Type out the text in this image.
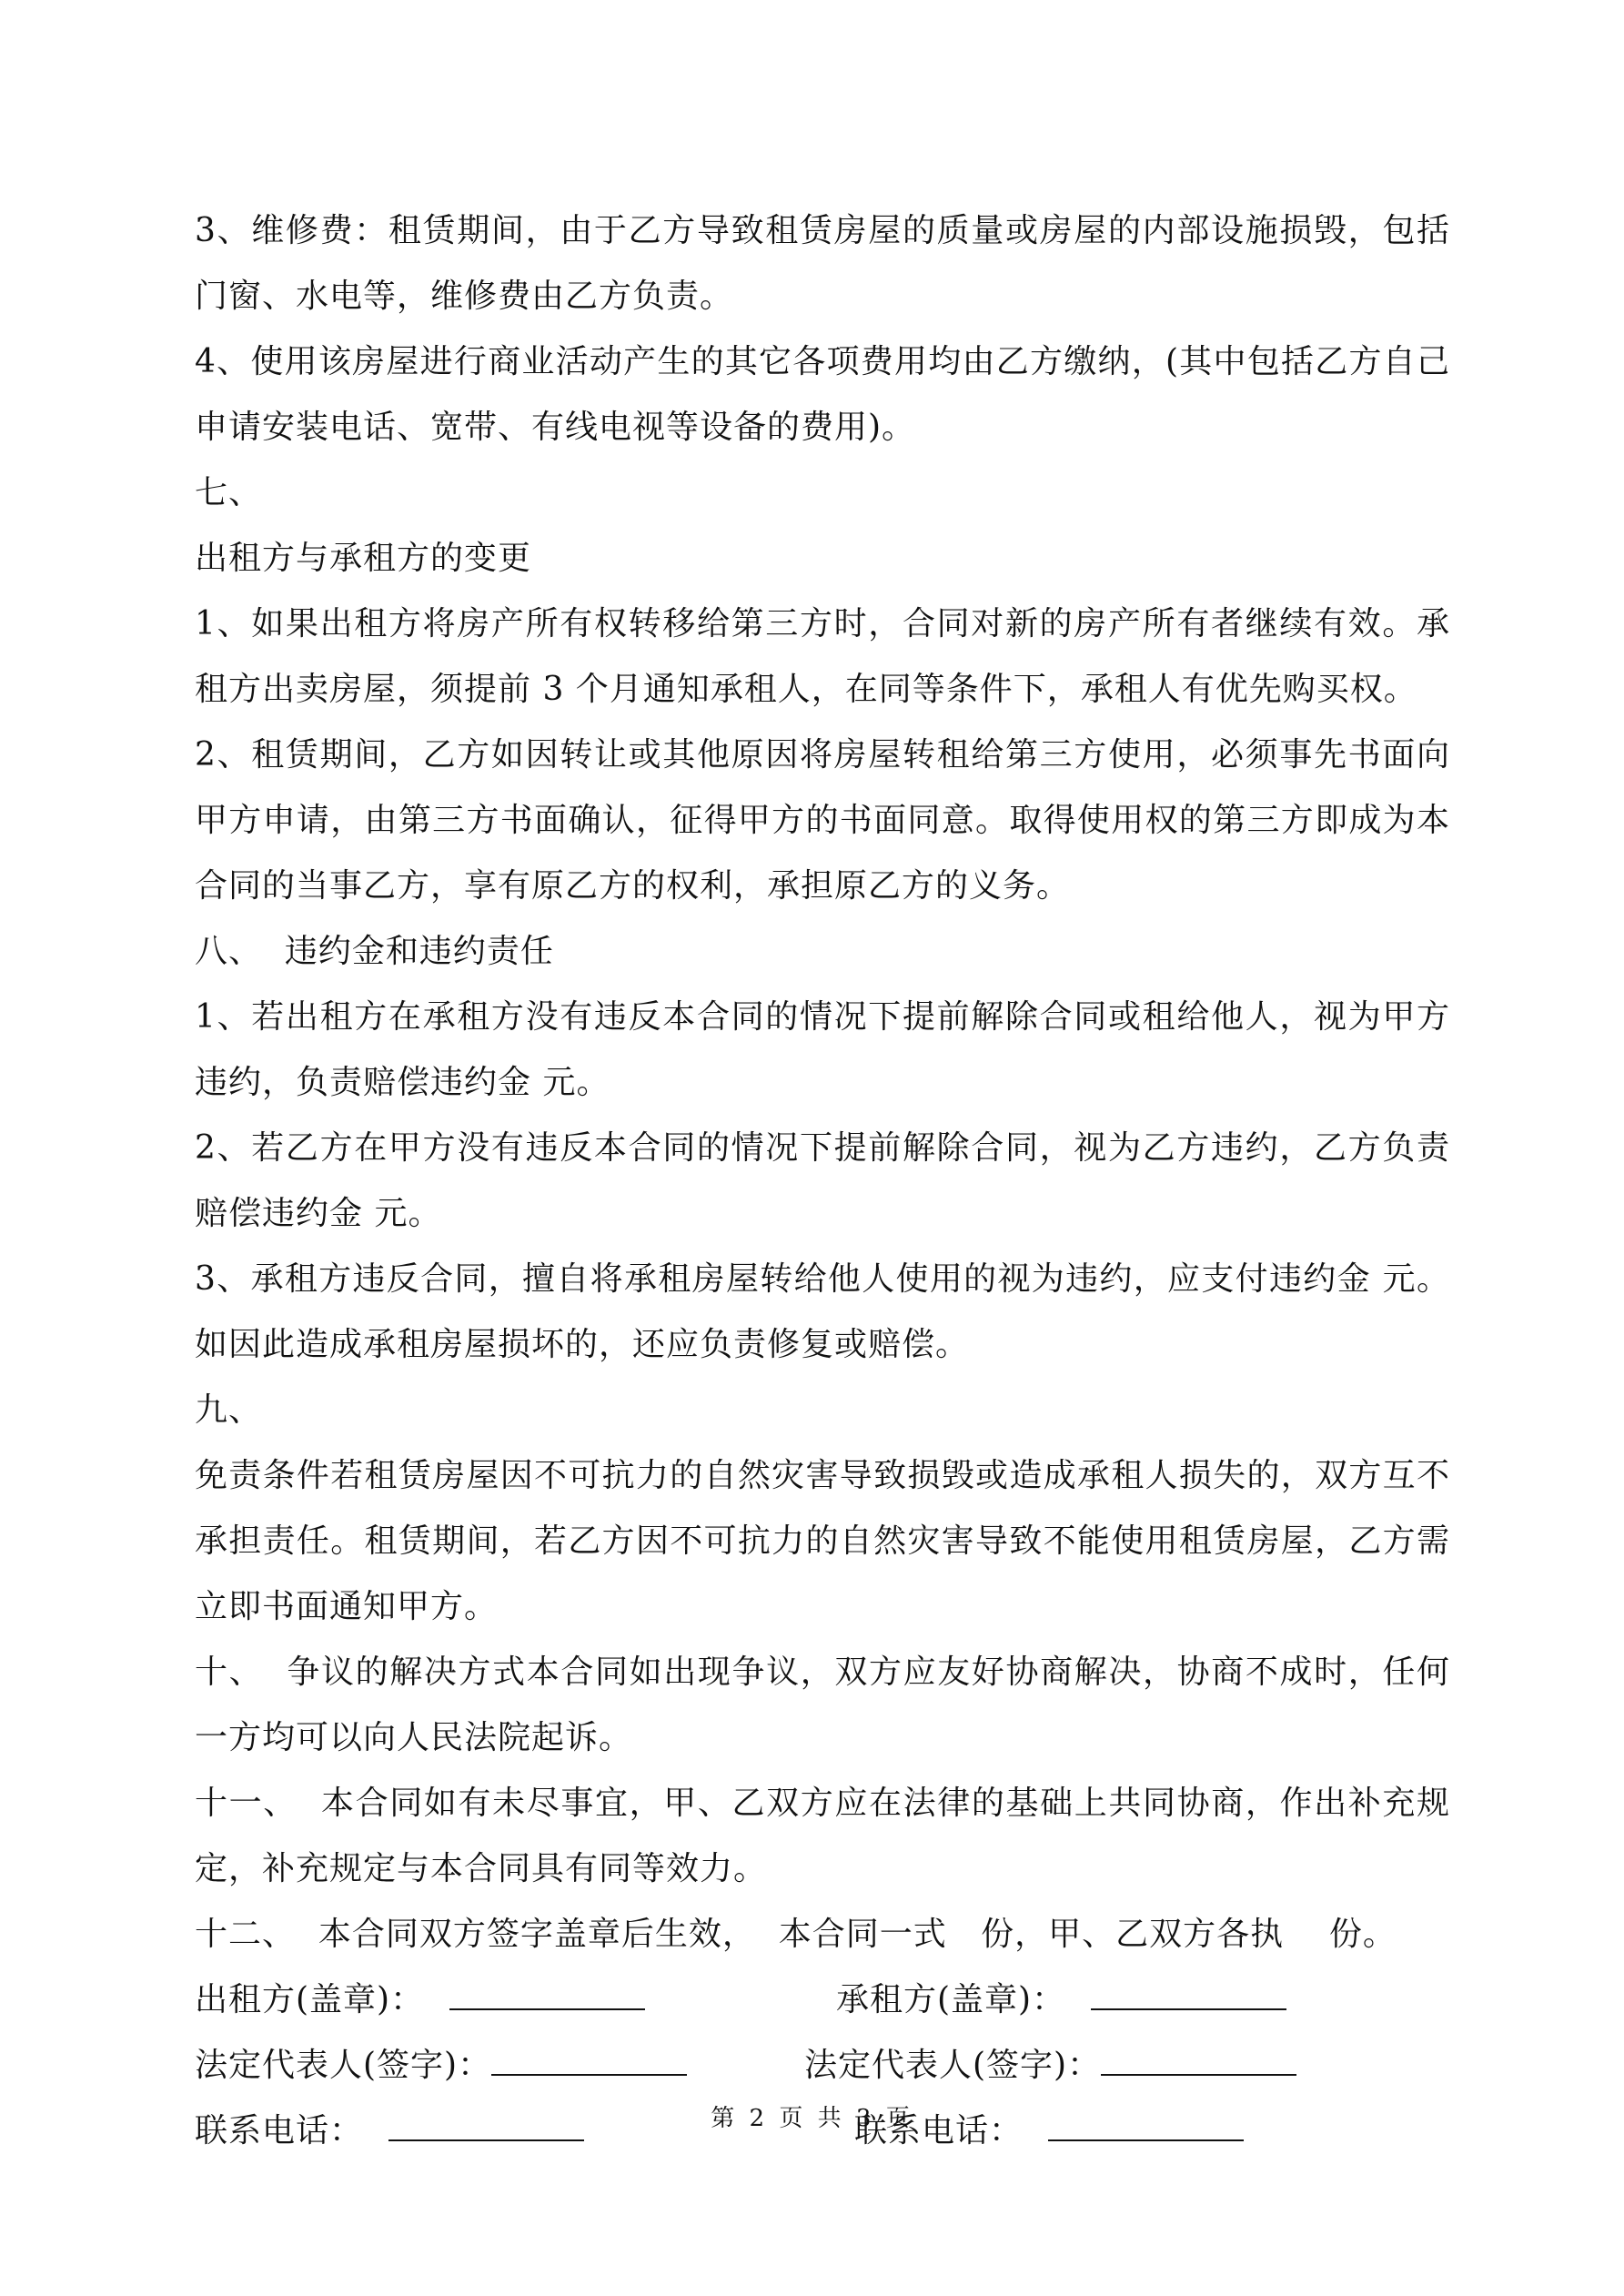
3、维修费：租赁期间，由于乙方导致租赁房屋的质量或房屋的内部设施损毁，包括门窗、水电等，维修费由乙方负责。

4、使用该房屋进行商业活动产生的其它各项费用均由乙方缴纳，(其中包括乙方自己申请安装电话、宽带、有线电视等设备的费用)。

七、

出租方与承租方的变更

1、如果出租方将房产所有权转移给第三方时，合同对新的房产所有者继续有效。承租方出卖房屋，须提前 3 个月通知承租人，在同等条件下，承租人有优先购买权。

2、租赁期间，乙方如因转让或其他原因将房屋转租给第三方使用，必须事先书面向甲方申请，由第三方书面确认，征得甲方的书面同意。取得使用权的第三方即成为本合同的当事乙方，享有原乙方的权利，承担原乙方的义务。

八、  违约金和违约责任

1、若出租方在承租方没有违反本合同的情况下提前解除合同或租给他人，视为甲方违约，负责赔偿违约金 元。

2、若乙方在甲方没有违反本合同的情况下提前解除合同，视为乙方违约，乙方负责赔偿违约金 元。

3、承租方违反合同，擅自将承租房屋转给他人使用的视为违约，应支付违约金 元。如因此造成承租房屋损坏的，还应负责修复或赔偿。

九、

免责条件若租赁房屋因不可抗力的自然灾害导致损毁或造成承租人损失的，双方互不承担责任。租赁期间，若乙方因不可抗力的自然灾害导致不能使用租赁房屋，乙方需立即书面通知甲方。

十、  争议的解决方式本合同如出现争议，双方应友好协商解决，协商不成时，任何一方均可以向人民法院起诉。

十一、  本合同如有未尽事宜，甲、乙双方应在法律的基础上共同协商，作出补充规定，补充规定与本合同具有同等效力。

十二、  本合同双方签字盖章后生效，  本合同一式   份，甲、乙双方各执    份。

出租方(盖章)：	承租方(盖章)：
法定代表人(签字)：	法定代表人(签字)：
联系电话：	联系电话：
第 2 页 共 3 页
